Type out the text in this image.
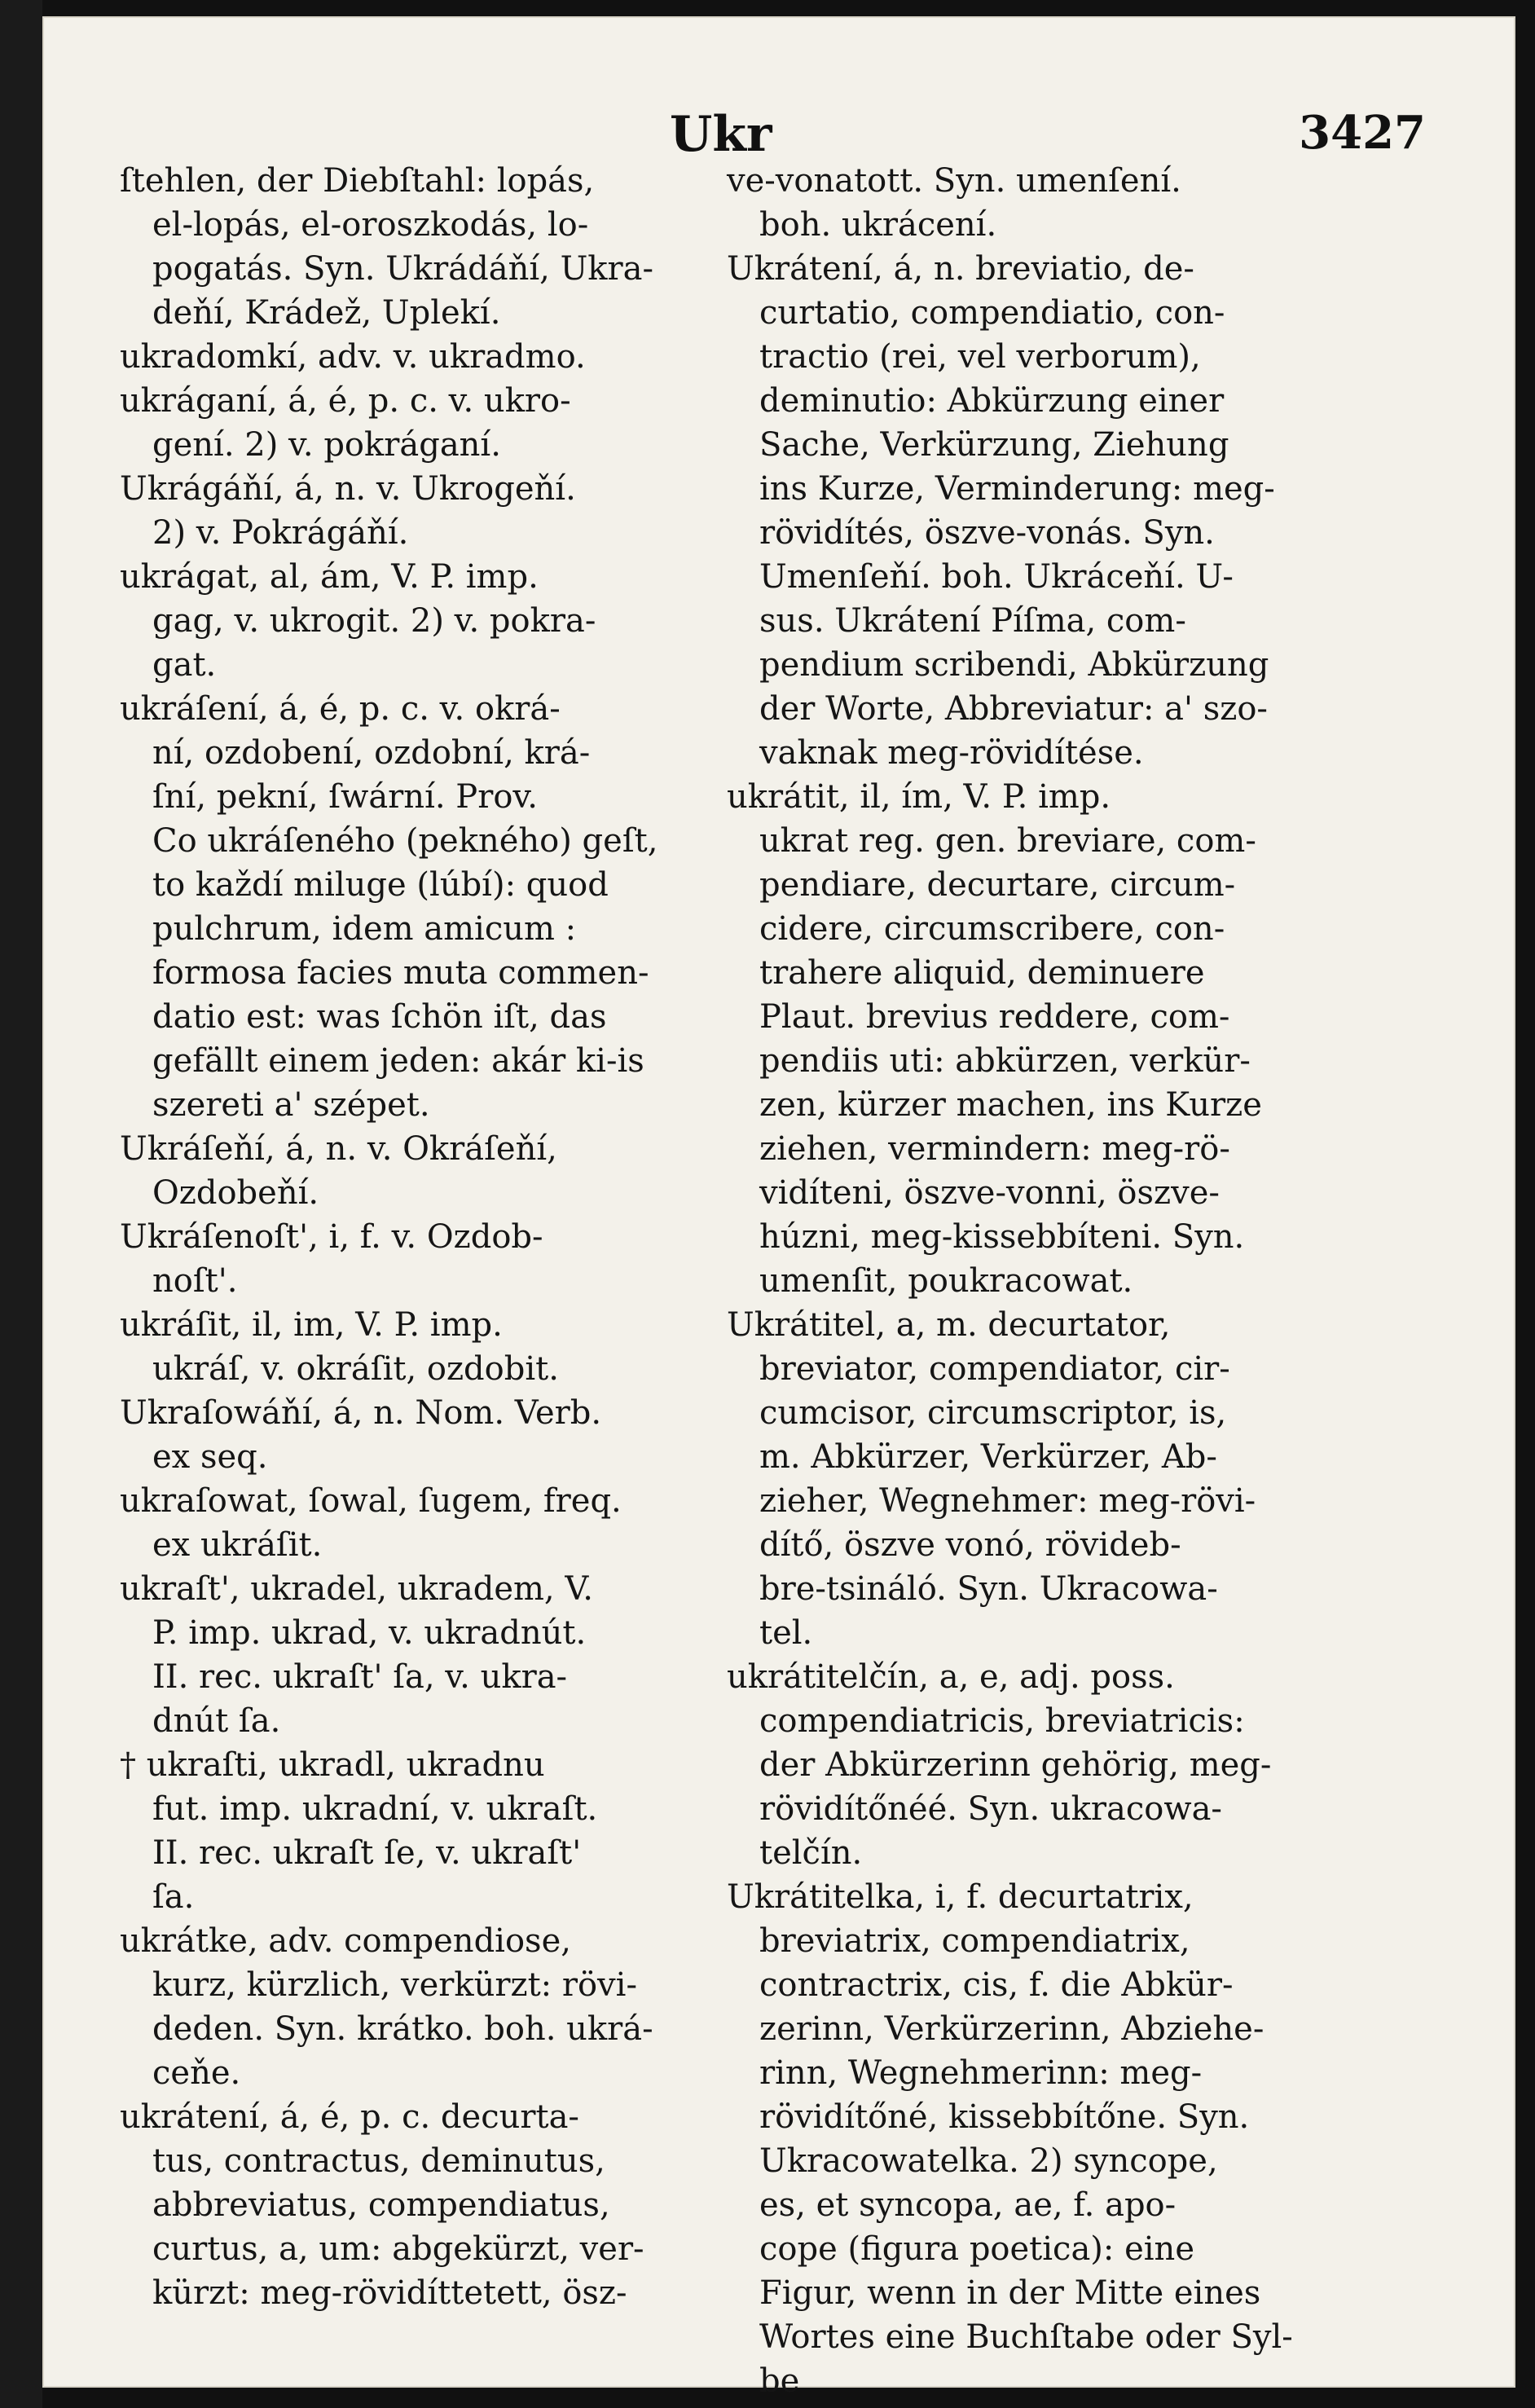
Ukr	3427
ſtehlen, der Diebſtahl: lopás,
el-lopás, el-oroszkodás, lo-
pogatás. Syn. Ukrádáňí, Ukra-
deňí, Krádež, Uplekí.
ukradomkí, adv. v. ukradmo.
ukráganí, á, é, p. c. v. ukro-
gení. 2) v. pokráganí.
Ukrágáňí, á, n. v. Ukrogeňí.
2) v. Pokrágáňí.
ukrágat, al, ám, V. P. imp.
gag, v. ukrogit. 2) v. pokra-
gat.
ukráſení, á, é, p. c. v. okrá-
ní, ozdobení, ozdobní, krá-
ſní, pekní, ſwární. Prov.
Co ukráſeného (pekného) geſt,
to každí miluge (lúbí): quod
pulchrum, idem amicum :
formosa facies muta commen-
datio est: was ſchön iſt, das
gefällt einem jeden: akár ki-is
szereti a' szépet.
Ukráſeňí, á, n. v. Okráſeňí,
Ozdobeňí.
Ukráſenoſt', i, f. v. Ozdob-
noſt'.
ukráſit, il, im, V. P. imp.
ukráſ, v. okráſit, ozdobit.
Ukraſowáňí, á, n. Nom. Verb.
ex seq.
ukraſowat, ſowal, ſugem, freq.
ex ukráſit.
ukraſt', ukradel, ukradem, V.
P. imp. ukrad, v. ukradnút.
II. rec. ukraſt' ſa, v. ukra-
dnút ſa.
† ukraſti, ukradl, ukradnu
fut. imp. ukradní, v. ukraſt.
II. rec. ukraſt ſe, v. ukraſt'
ſa.
ukrátke, adv. compendiose,
kurz, kürzlich, verkürzt: rövi-
deden. Syn. krátko. boh. ukrá-
ceňe.
ukrátení, á, é, p. c. decurta-
tus, contractus, deminutus,
abbreviatus, compendiatus,
curtus, a, um: abgekürzt, ver-
kürzt: meg-rövidíttetett, ösz-
ve-vonatott. Syn. umenſení.
boh. ukrácení.
Ukrátení, á, n. breviatio, de-
curtatio, compendiatio, con-
tractio (rei, vel verborum),
deminutio: Abkürzung einer
Sache, Verkürzung, Ziehung
ins Kurze, Verminderung: meg-
rövidítés, öszve-vonás. Syn.
Umenſeňí. boh. Ukráceňí. U-
sus. Ukrátení Píſma, com-
pendium scribendi, Abkürzung
der Worte, Abbreviatur: a' szo-
vaknak meg-rövidítése.
ukrátit, il, ím, V. P. imp.
ukrat reg. gen. breviare, com-
pendiare, decurtare, circum-
cidere, circumscribere, con-
trahere aliquid, deminuere
Plaut. brevius reddere, com-
pendiis uti: abkürzen, verkür-
zen, kürzer machen, ins Kurze
ziehen, vermindern: meg-rö-
vidíteni, öszve-vonni, öszve-
húzni, meg-kissebbíteni. Syn.
umenſit, poukracowat.
Ukrátitel, a, m. decurtator,
breviator, compendiator, cir-
cumcisor, circumscriptor, is,
m. Abkürzer, Verkürzer, Ab-
zieher, Wegnehmer: meg-rövi-
dítő, öszve vonó, rövideb-
bre-tsináló. Syn. Ukracowa-
tel.
ukrátitelčín, a, e, adj. poss.
compendiatricis, breviatricis:
der Abkürzerinn gehörig, meg-
rövidítőnéé. Syn. ukracowa-
telčín.
Ukrátitelka, i, f. decurtatrix,
breviatrix, compendiatrix,
contractrix, cis, f. die Abkür-
zerinn, Verkürzerinn, Abziehe-
rinn, Wegnehmerinn: meg-
rövidítőné, kissebbítőne. Syn.
Ukracowatelka. 2) syncope,
es, et syncopa, ae, f. apo-
cope (figura poetica): eine
Figur, wenn in der Mitte eines
Wortes eine Buchſtabe oder Syl-
be
